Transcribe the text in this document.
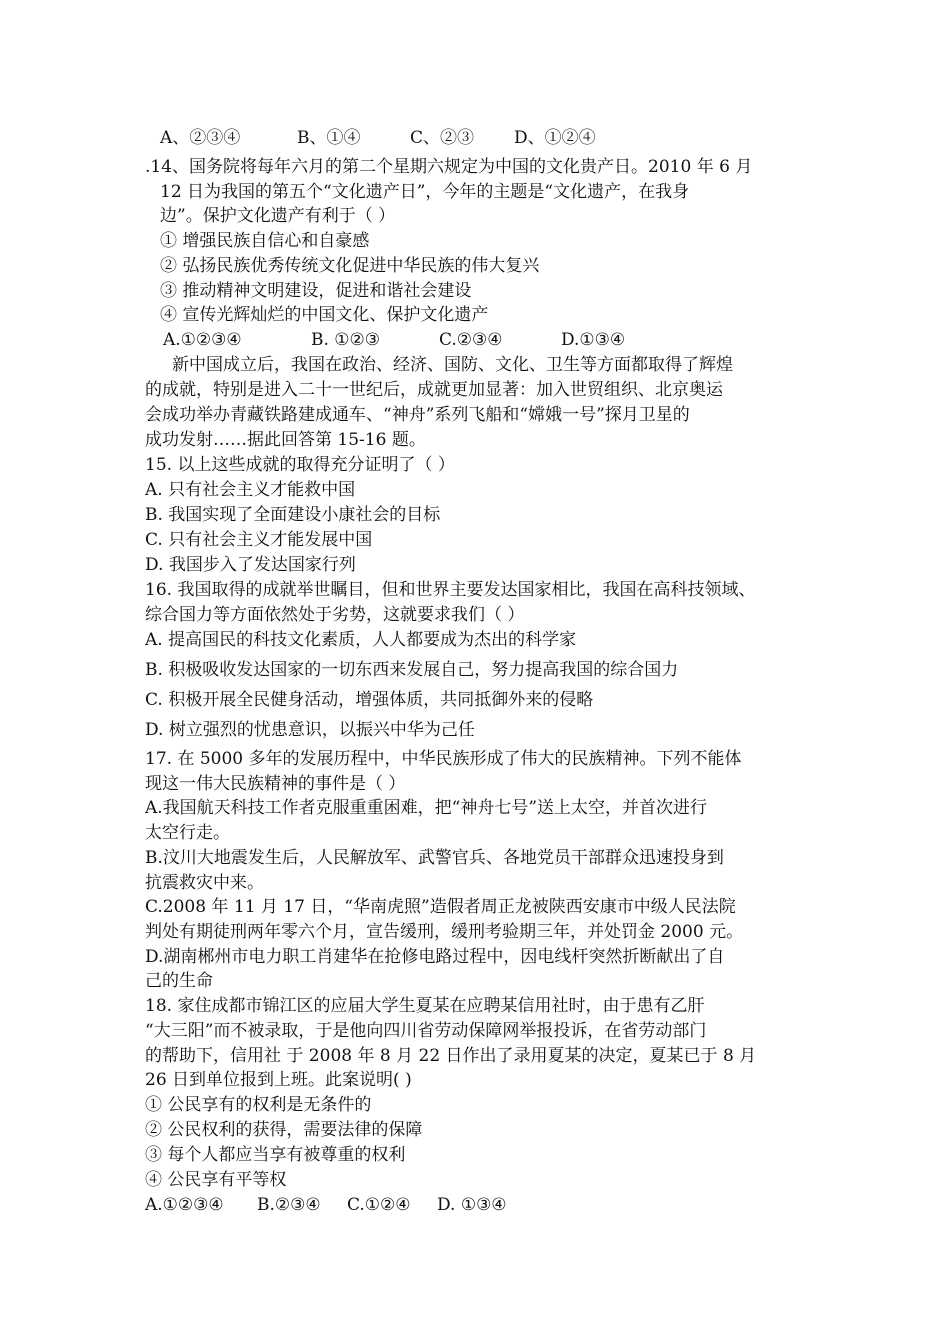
A、②③④	B、①④	C、②③ D、①②④
.14、国务院将每年六月的第二个星期六规定为中国的文化贵产日。2010 年 6 月
12 日为我国的第五个“文化遗产日”，今年的主题是“文化遗产，在我身
边”。保护文化遗产有利于（ ）
① 增强民族自信心和自豪感
② 弘扬民族优秀传统文化促进中华民族的伟大复兴
③ 推动精神文明建设，促进和谐社会建设
④ 宣传光辉灿烂的中国文化、保护文化遗产
A.①②③④	B. ①②③	C.②③④	D.①③④
新中国成立后，我国在政治、经济、国防、文化、卫生等方面都取得了辉煌
的成就，特别是进入二十一世纪后，成就更加显著：加入世贸组织、北京奥运
会成功举办青藏铁路建成通车、“神舟”系列飞船和“嫦娥一号”探月卫星的
成功发射……据此回答第 15-16 题。
15. 以上这些成就的取得充分证明了（ ）
A. 只有社会主义才能救中国
B. 我国实现了全面建设小康社会的目标
C. 只有社会主义才能发展中国
D. 我国步入了发达国家行列
16. 我国取得的成就举世瞩目，但和世界主要发达国家相比，我国在高科技领域、
综合国力等方面依然处于劣势，这就要求我们（ ）
A. 提高国民的科技文化素质，人人都要成为杰出的科学家
B. 积极吸收发达国家的一切东西来发展自己，努力提高我国的综合国力
C. 积极开展全民健身活动，增强体质，共同抵御外来的侵略
D. 树立强烈的忧患意识，以振兴中华为己任
17. 在 5000 多年的发展历程中，中华民族形成了伟大的民族精神。下列不能体
现这一伟大民族精神的事件是（ ）
A.我国航天科技工作者克服重重困难，把“神舟七号”送上太空，并首次进行
太空行走。
B.汶川大地震发生后，人民解放军、武警官兵、各地党员干部群众迅速投身到
抗震救灾中来。
C.2008 年 11 月 17 日，“华南虎照”造假者周正龙被陕西安康市中级人民法院
判处有期徒刑两年零六个月，宣告缓刑，缓刑考验期三年，并处罚金 2000 元。
D.湖南郴州市电力职工肖建华在抢修电路过程中，因电线杆突然折断献出了自
己的生命
18. 家住成都市锦江区的应届大学生夏某在应聘某信用社时，由于患有乙肝
“大三阳”而不被录取，于是他向四川省劳动保障网举报投诉，在省劳动部门
的帮助下，信用社 于 2008 年 8 月 22 日作出了录用夏某的决定，夏某已于 8 月
26 日到单位报到上班。此案说明( )
① 公民享有的权利是无条件的
② 公民权利的获得，需要法律的保障
③ 每个人都应当享有被尊重的权利
④ 公民享有平等权
A.①②③④ B.②③④ C.①②④ D. ①③④
